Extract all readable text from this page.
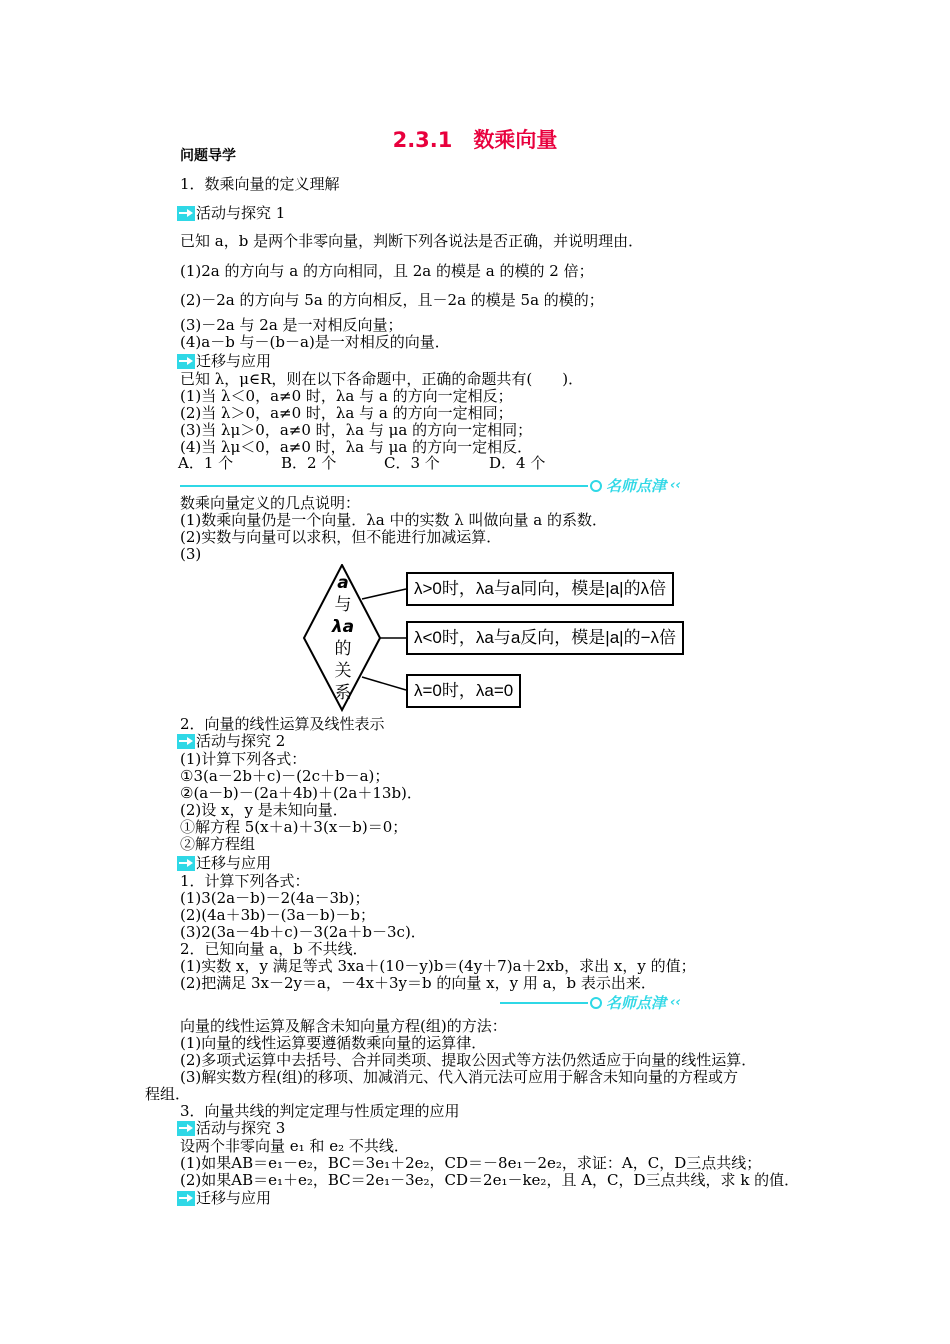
2.3.1　数乘向量
问题导学
1．数乘向量的定义理解
活动与探究 1
已知 a，b 是两个非零向量，判断下列各说法是否正确，并说明理由．
(1)2a 的方向与 a 的方向相同，且 2a 的模是 a 的模的 2 倍；
(2)－2a 的方向与 5a 的方向相反，且－2a 的模是 5a 的模的；
(3)－2a 与 2a 是一对相反向量；
(4)a－b 与－(b－a)是一对相反的向量．
迁移与应用
已知 λ，μ∈R，则在以下各命题中，正确的命题共有(　　)．
(1)当 λ＜0，a≠0 时，λa 与 a 的方向一定相反；
(2)当 λ＞0，a≠0 时，λa 与 a 的方向一定相同；
(3)当 λμ＞0，a≠0 时，λa 与 μa 的方向一定相同；
(4)当 λμ＜0，a≠0 时，λa 与 μa 的方向一定相反．
A．1 个	B．2 个	C．3 个	D．4 个
名师点津 ‹‹
数乘向量定义的几点说明：
(1)数乘向量仍是一个向量．λa 中的实数 λ 叫做向量 a 的系数．
(2)实数与向量可以求积，但不能进行加减运算．
(3)
a
与
λa
的
关
系
λ>0时，λa与a同向，模是|a|的λ倍
λ<0时，λa与a反向，模是|a|的−λ倍
λ=0时，λa=0
2．向量的线性运算及线性表示
活动与探究 2
(1)计算下列各式：
①3(a－2b＋c)－(2c＋b－a)；
②(a－b)－(2a＋4b)＋(2a＋13b)．
(2)设 x，y 是未知向量．
①解方程 5(x＋a)＋3(x－b)＝0；
②解方程组
迁移与应用
1．计算下列各式：
(1)3(2a－b)－2(4a－3b)；
(2)(4a＋3b)－(3a－b)－b；
(3)2(3a－4b＋c)－3(2a＋b－3c)．
2．已知向量 a，b 不共线．
(1)实数 x，y 满足等式 3xa＋(10－y)b＝(4y＋7)a＋2xb，求出 x，y 的值；
(2)把满足 3x－2y＝a，－4x＋3y＝b 的向量 x，y 用 a，b 表示出来．
名师点津 ‹‹
向量的线性运算及解含未知向量方程(组)的方法：
(1)向量的线性运算要遵循数乘向量的运算律．
(2)多项式运算中去括号、合并同类项、提取公因式等方法仍然适应于向量的线性运算．
(3)解实数方程(组)的移项、加减消元、代入消元法可应用于解含未知向量的方程或方
程组．
3．向量共线的判定定理与性质定理的应用
活动与探究 3
设两个非零向量 e₁ 和 e₂ 不共线．
(1)如果AB＝e₁－e₂，BC＝3e₁＋2e₂，CD＝－8e₁－2e₂，求证：A，C，D三点共线；
(2)如果AB＝e₁＋e₂，BC＝2e₁－3e₂，CD＝2e₁－ke₂，且 A，C，D三点共线，求 k 的值．
迁移与应用
